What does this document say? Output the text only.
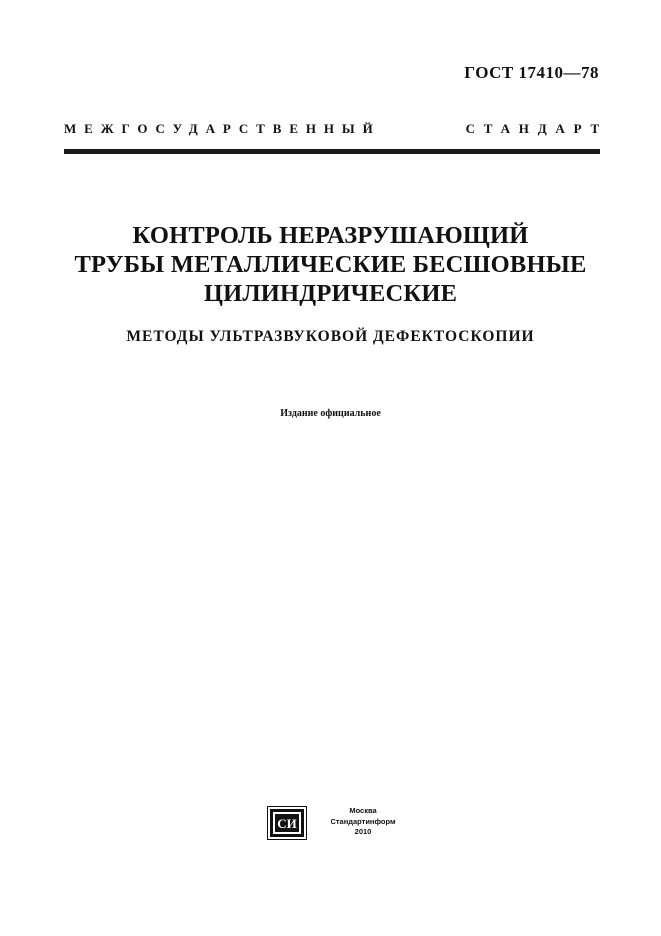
ГОСТ 17410—78
МЕЖГОСУДАРСТВЕННЫЙ	СТАНДАРТ
КОНТРОЛЬ НЕРАЗРУШАЮЩИЙ
ТРУБЫ МЕТАЛЛИЧЕСКИЕ БЕСШОВНЫЕ
ЦИЛИНДРИЧЕСКИЕ
МЕТОДЫ УЛЬТРАЗВУКОВОЙ ДЕФЕКТОСКОПИИ
Издание официальное
СИ
Москва
Стандартинформ
2010
